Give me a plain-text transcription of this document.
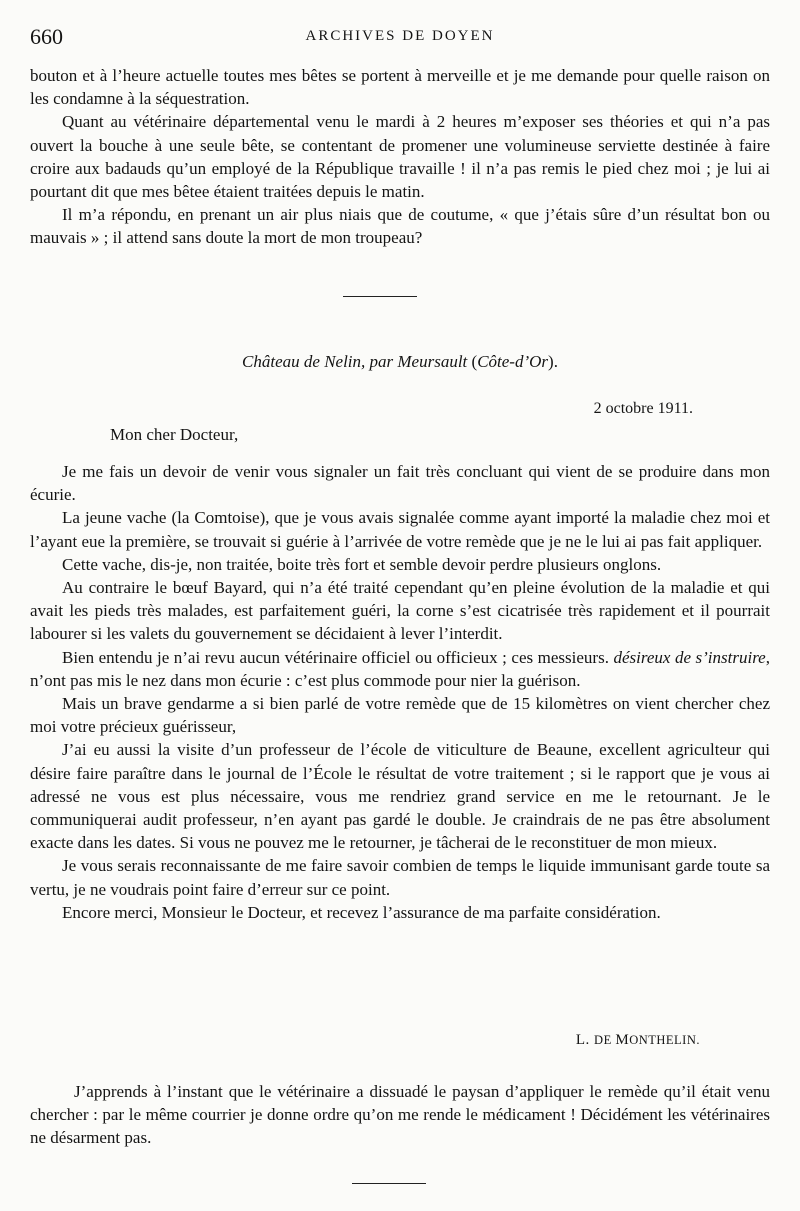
660	ARCHIVES DE DOYEN

bouton et à l’heure actuelle toutes mes bêtes se portent à merveille et je me demande pour quelle raison on les condamne à la séquestration.

Quant au vétérinaire départemental venu le mardi à 2 heures m’exposer ses théories et qui n’a pas ouvert la bouche à une seule bête, se contentant de promener une volumineuse serviette destinée à faire croire aux badauds qu’un employé de la République travaille ! il n’a pas remis le pied chez moi ; je lui ai pourtant dit que mes bêtee étaient traitées depuis le matin.

Il m’a répondu, en prenant un air plus niais que de coutume, « que j’étais sûre d’un résultat bon ou mauvais » ; il attend sans doute la mort de mon troupeau?

Château de Nelin, par Meursault (Côte-d’Or).
2 octobre 1911.
Mon cher Docteur,

Je me fais un devoir de venir vous signaler un fait très concluant qui vient de se produire dans mon écurie.

La jeune vache (la Comtoise), que je vous avais signalée comme ayant importé la maladie chez moi et l’ayant eue la première, se trouvait si guérie à l’arrivée de votre remède que je ne le lui ai pas fait appliquer.

Cette vache, dis-je, non traitée, boite très fort et semble devoir perdre plusieurs onglons.

Au contraire le bœuf Bayard, qui n’a été traité cependant qu’en pleine évolution de la maladie et qui avait les pieds très malades, est parfaitement guéri, la corne s’est cicatrisée très rapidement et il pourrait labourer si les valets du gouvernement se décidaient à lever l’interdit.

Bien entendu je n’ai revu aucun vétérinaire officiel ou officieux ; ces messieurs. désireux de s’instruire, n’ont pas mis le nez dans mon écurie : c’est plus commode pour nier la guérison.

Mais un brave gendarme a si bien parlé de votre remède que de 15 kilomètres on vient chercher chez moi votre précieux guérisseur,

J’ai eu aussi la visite d’un professeur de l’école de viticulture de Beaune, excellent agriculteur qui désire faire paraître dans le journal de l’École le résultat de votre traitement ; si le rapport que je vous ai adressé ne vous est plus nécessaire, vous me rendriez grand service en me le retournant. Je le communiquerai audit professeur, n’en ayant pas gardé le double. Je craindrais de ne pas être absolument exacte dans les dates. Si vous ne pouvez me le retourner, je tâcherai de le reconstituer de mon mieux.

Je vous serais reconnaissante de me faire savoir combien de temps le liquide immunisant garde toute sa vertu, je ne voudrais point faire d’erreur sur ce point.

Encore merci, Monsieur le Docteur, et recevez l’assurance de ma parfaite considération.

L. DE MONTHELIN.

J’apprends à l’instant que le vétérinaire a dissuadé le paysan d’appliquer le remède qu’il était venu chercher : par le même courrier je donne ordre qu’on me rende le médicament ! Décidément les vétérinaires ne désarment pas.
